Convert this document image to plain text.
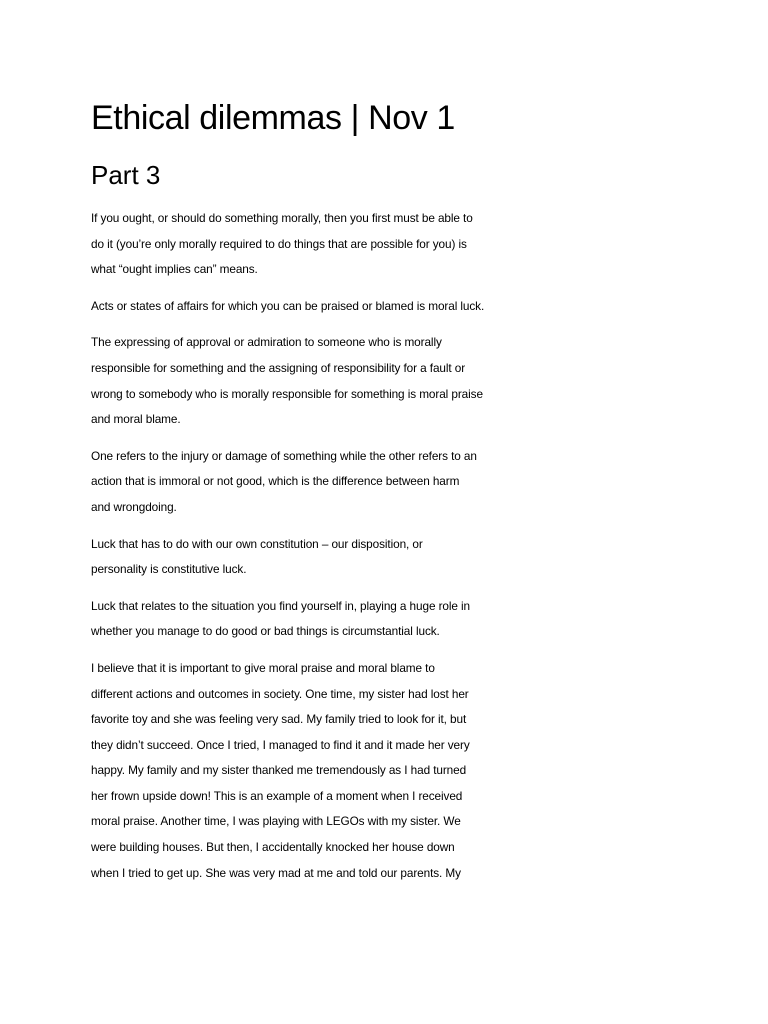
Ethical dilemmas | Nov 1
Part 3

If you ought, or should do something morally, then you first must be able to
do it (you’re only morally required to do things that are possible for you) is
what “ought implies can” means.

Acts or states of affairs for which you can be praised or blamed is moral luck.

The expressing of approval or admiration to someone who is morally
responsible for something and the assigning of responsibility for a fault or
wrong to somebody who is morally responsible for something is moral praise
and moral blame.

One refers to the injury or damage of something while the other refers to an
action that is immoral or not good, which is the difference between harm
and wrongdoing.

Luck that has to do with our own constitution – our disposition, or
personality is constitutive luck.

Luck that relates to the situation you find yourself in, playing a huge role in
whether you manage to do good or bad things is circumstantial luck.

I believe that it is important to give moral praise and moral blame to
different actions and outcomes in society. One time, my sister had lost her
favorite toy and she was feeling very sad. My family tried to look for it, but
they didn’t succeed. Once I tried, I managed to find it and it made her very
happy. My family and my sister thanked me tremendously as I had turned
her frown upside down! This is an example of a moment when I received
moral praise. Another time, I was playing with LEGOs with my sister. We
were building houses. But then, I accidentally knocked her house down
when I tried to get up. She was very mad at me and told our parents. My
